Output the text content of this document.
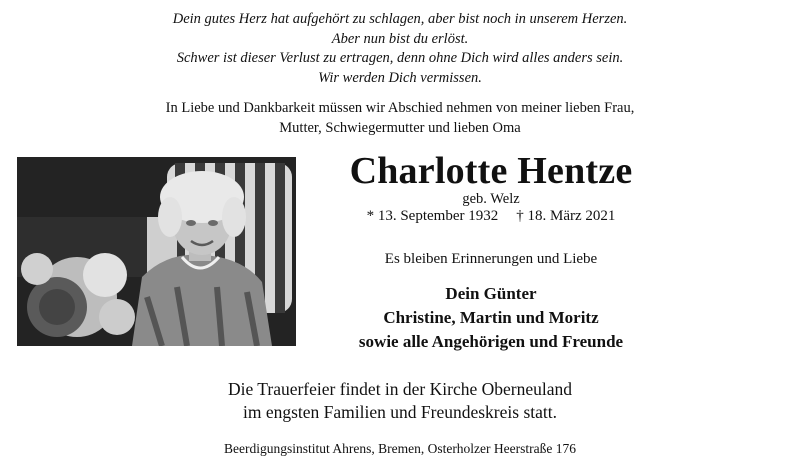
Dein gutes Herz hat aufgehört zu schlagen, aber bist noch in unserem Herzen.
Aber nun bist du erlöst.
Schwer ist dieser Verlust zu ertragen, denn ohne Dich wird alles anders sein.
Wir werden Dich vermissen.
In Liebe und Dankbarkeit müssen wir Abschied nehmen von meiner lieben Frau,
Mutter, Schwiegermutter und lieben Oma
Charlotte Hentze
geb. Welz
* 13. September 1932 † 18. März 2021
Es bleiben Erinnerungen und Liebe
Dein Günter
Christine, Martin und Moritz
sowie alle Angehörigen und Freunde
Die Trauerfeier findet in der Kirche Oberneuland
im engsten Familien und Freundeskreis statt.
Beerdigungsinstitut Ahrens, Bremen, Osterholzer Heerstraße 176
